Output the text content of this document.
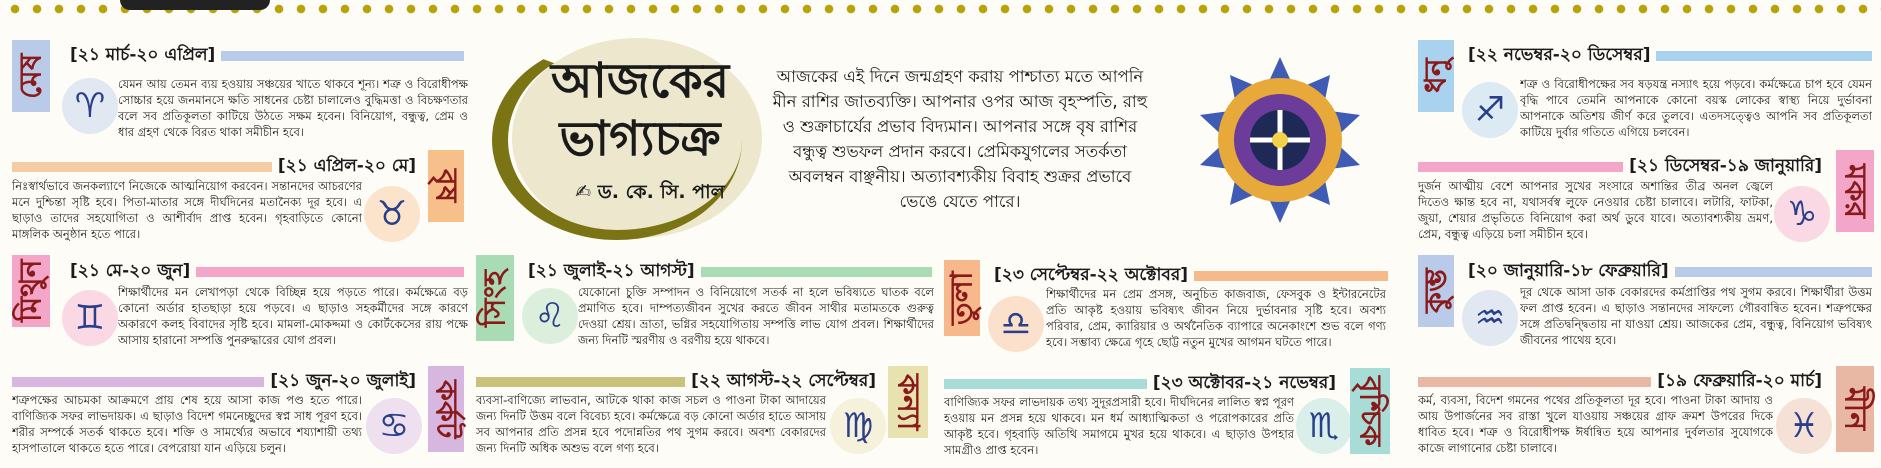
আজকের ভাগ্যচক্র
✍ ড. কে. সি. পাল
আজকের এই দিনে জন্মগ্রহণ করায় পাশ্চাত্য মতে আপনি মীন রাশির জাতব্যক্তি। আপনার ওপর আজ বৃহস্পতি, রাহু ও শুক্রাচার্যের প্রভাব বিদ্যমান। আপনার সঙ্গে বৃষ রাশির বন্ধুত্ব শুভফল প্রদান করবে। প্রেমিকযুগলের সতর্কতা অবলম্বন বাঞ্ছনীয়। অত্যাবশ্যকীয় বিবাহ শুক্রর প্রভাবে ভেঙে যেতে পারে।
মেষ	[২১ মার্চ-২০ এপ্রিল]
♈
যেমন আয় তেমন ব্যয় হওয়ায় সঞ্চয়ের খাতে থাকবে শূন্য। শত্রু ও বিরোধীপক্ষ সোচ্চার হয়ে জনমানসে ক্ষতি সাধনের চেষ্টা চালালেও বুদ্ধিমত্তা ও বিচক্ষণতার বলে সব প্রতিকূলতা কাটিয়ে উঠতে সক্ষম হবেন। বিনিয়োগ, বন্ধুত্ব, প্রেম ও ধার গ্রহণ থেকে বিরত থাকা সমীচীন হবে।
বৃষ
[২১ এপ্রিল-২০ মে]
♉
নিঃস্বার্থভাবে জনকল্যাণে নিজেকে আত্মনিয়োগ করবেন। সন্তানদের আচরণের মনে দুশ্চিন্তা সৃষ্টি হবে। পিতা-মাতার সঙ্গে দীর্ঘদিনের মতানৈক্য দূর হবে। এ ছাড়াও তাদের সহযোগিতা ও আশীর্বাদ প্রাপ্ত হবেন। গৃহবাড়িতে কোনো মাঙ্গলিক অনুষ্ঠান হতে পারে।
মিথুন	[২১ মে-২০ জুন]
♊
শিক্ষার্থীদের মন লেখাপড়া থেকে বিচ্ছিন্ন হয়ে পড়তে পারে। কর্মক্ষেত্রে বড় কোনো অর্ডার হাতছাড়া হয়ে পড়বে। এ ছাড়াও সহকর্মীদের সঙ্গে কারণে অকারণে কলহ বিবাদের সৃষ্টি হবে। মামলা-মোকদ্দমা ও কোর্টকেসের রায় পক্ষে আসায় হারানো সম্পত্তি পুনরুদ্ধারের যোগ প্রবল।
কর্কট
[২১ জুন-২০ জুলাই]
♋
শত্রুপক্ষের আচমকা আক্রমণে প্রায় শেষ হয়ে আসা কাজ পণ্ড হতে পারে। বাণিজ্যিক সফর লাভদায়ক। এ ছাড়াও বিদেশ গমনেচ্ছুদের স্বপ্ন সাধ পূরণ হবে। শরীর সম্পর্কে সতর্ক থাকতে হবে। শক্তি ও সামর্থ্যের অভাবে শয্যাশায়ী তথ্য হাসপাতালে থাকতে হতে পারে। বেপরোয়া যান এড়িয়ে চলুন।
সিংহ [২১ জুলাই-২১ আগস্ট]
♌
যেকোনো চুক্তি সম্পাদন ও বিনিয়োগে সতর্ক না হলে ভবিষ্যতে ঘাতক বলে প্রমাণিত হবে। দাম্পত্যজীবন সুখের করতে জীবন সাথীর মতামতকে গুরুত্ব দেওয়া শ্রেয়। ভ্রাতা, ভগ্নির সহযোগিতায় সম্পত্তি লাভ যোগ প্রবল। শিক্ষার্থীদের জন্য দিনটি স্মরণীয় ও বরণীয় হয়ে থাকবে।
কন্যা
[২২ আগস্ট-২২ সেপ্টেম্বর]
♍
ব্যবসা-বাণিজ্যে লাভবান, আটকে থাকা কাজ সচল ও পাওনা টাকা আদায়ের জন্য দিনটি উত্তম বলে বিবেচ্য হবে। কর্মক্ষেত্রে বড় কোনো অর্ডার হাতে আসায় সব আপনার প্রতি প্রসন্ন হবে পদোন্নতির পথ সুগম করবে। অবশ্য বেকারদের জন্য দিনটি অধিক অশুভ বলে গণ্য হবে।
তুলা [২৩ সেপ্টেম্বর-২২ অক্টোবর]
♎
শিক্ষার্থীদের মন প্রেম প্রসঙ্গ, অনুচিত কাজবাজ, ফেসবুক ও ইন্টারনেটের প্রতি আকৃষ্ট হওয়ায় ভবিষ্যৎ জীবন নিয়ে দুর্ভাবনার সৃষ্টি হবে। অবশ্য পরিবার, প্রেম, ক্যারিয়ার ও অর্থনৈতিক ব্যাপারে অনেকাংশে শুভ বলে গণ্য হবে। সম্ভাব্য ক্ষেত্রে গৃহে ছোট্ট নতুন মুখের আগমন ঘটতে পারে।
বৃশ্চিক
[২৩ অক্টোবর-২১ নভেম্বর]
♏
বাণিজ্যিক সফর লাভদায়ক তথ্য সুদূরপ্রসারী হবে। দীর্ঘদিনের লালিত স্বপ্ন পূরণ হওয়ায় মন প্রসন্ন হয়ে থাকবে। মন ধর্ম আধ্যাত্মিকতা ও পরোপকারের প্রতি আকৃষ্ট হবে। গৃহবাড়ি অতিথি সমাগমে মুখর হয়ে থাকবে। এ ছাড়াও উপহার সামগ্রীও প্রাপ্ত হবেন।
ধনু
[২২ নভেম্বর-২০ ডিসেম্বর]
♐
শত্রু ও বিরোধীপক্ষের সব ষড়যন্ত্র নস্যাৎ হয়ে পড়বে। কর্মক্ষেত্রে চাপ হবে যেমন বৃদ্ধি পাবে তেমনি আপনাকে কোনো বয়স্ক লোকের স্বাস্থ্য নিয়ে দুর্ভাবনা আপনাকে অতিশয় জীর্ণ করে তুলবে। এতদসত্ত্বেও আপনি সব প্রতিকূলতা কাটিয়ে দুর্বার গতিতে এগিয়ে চলবেন।
মকর
[২১ ডিসেম্বর-১৯ জানুয়ারি]
♑
দুর্জন আত্মীয় বেশে আপনার সুখের সংসারে অশান্তির তীব্র অনল জ্বেলে দিতেও ক্ষান্ত হবে না, যথাসর্বস্ব লুফে নেওয়ার চেষ্টা চালাবে। লটারি, ফাটকা, জুয়া, শেয়ার প্রভৃতিতে বিনিয়োগ করা অর্থ ডুবে যাবে। অত্যাবশ্যকীয় ভ্রমণ, প্রেম, বন্ধুত্ব এড়িয়ে চলা সমীচীন হবে।
কুম্ভ [২০ জানুয়ারি-১৮ ফেব্রুয়ারি]
♒
দূর থেকে আসা ডাক বেকারদের কর্মপ্রাপ্তির পথ সুগম করবে। শিক্ষার্থীরা উত্তম ফল প্রাপ্ত হবেন। এ ছাড়াও সন্তানদের সাফল্যে গৌরবান্বিত হবেন। শত্রুপক্ষের সঙ্গে প্রতিদ্বন্দ্বিতায় না যাওয়া শ্রেয়। আজকের প্রেম, বন্ধুত্ব, বিনিয়োগ ভবিষ্যৎ জীবনের পাথেয় হবে।
মীন
[১৯ ফেব্রুয়ারি-২০ মার্চ]
♓
কর্ম, ব্যবসা, বিদেশ গমনের পথের প্রতিকূলতা দূর হবে। পাওনা টাকা আদায় ও আয় উপার্জনের সব রাস্তা খুলে যাওয়ায় সঞ্চয়ের গ্রাফ ক্রমশ উপরের দিকে ধাবিত হবে। শত্রু ও বিরোধীপক্ষ ঈর্ষান্বিত হয়ে আপনার দুর্বলতার সুযোগকে কাজে লাগানোর চেষ্টা চালাবে।
